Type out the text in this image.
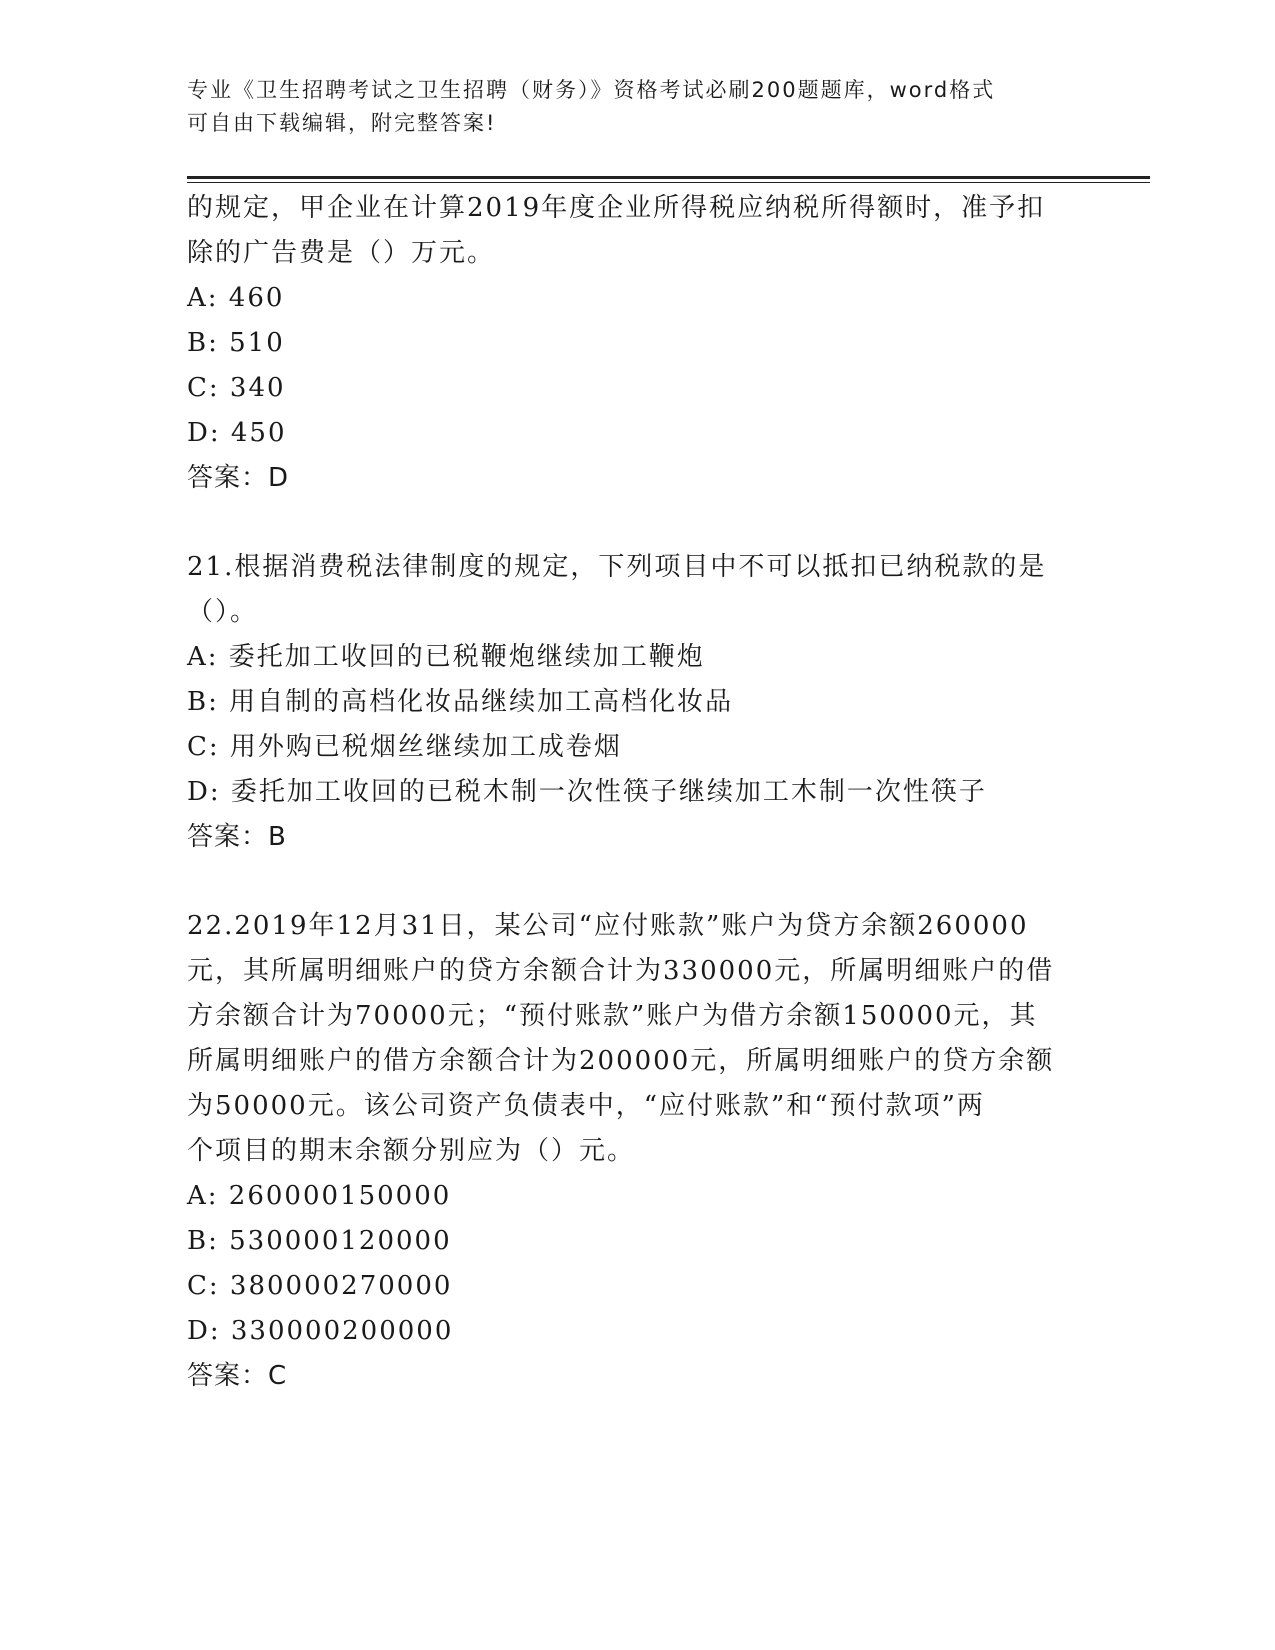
专业《卫生招聘考试之卫生招聘（财务）》资格考试必刷200题题库，word格式
可自由下载编辑，附完整答案!
的规定，甲企业在计算2019年度企业所得税应纳税所得额时，准予扣
除的广告费是（）万元。
A: 460
B: 510
C: 340
D: 450
答案：D
21.根据消费税法律制度的规定，下列项目中不可以抵扣已纳税款的是
（）。
A: 委托加工收回的已税鞭炮继续加工鞭炮
B: 用自制的高档化妆品继续加工高档化妆品
C: 用外购已税烟丝继续加工成卷烟
D: 委托加工收回的已税木制一次性筷子继续加工木制一次性筷子
答案：B
22.2019年12月31日，某公司“应付账款”账户为贷方余额260000
元，其所属明细账户的贷方余额合计为330000元，所属明细账户的借
方余额合计为70000元；“预付账款”账户为借方余额150000元，其
所属明细账户的借方余额合计为200000元，所属明细账户的贷方余额
为50000元。该公司资产负债表中，“应付账款”和“预付款项”两
个项目的期末余额分别应为（）元。
A: 260000150000
B: 530000120000
C: 380000270000
D: 330000200000
答案：C
